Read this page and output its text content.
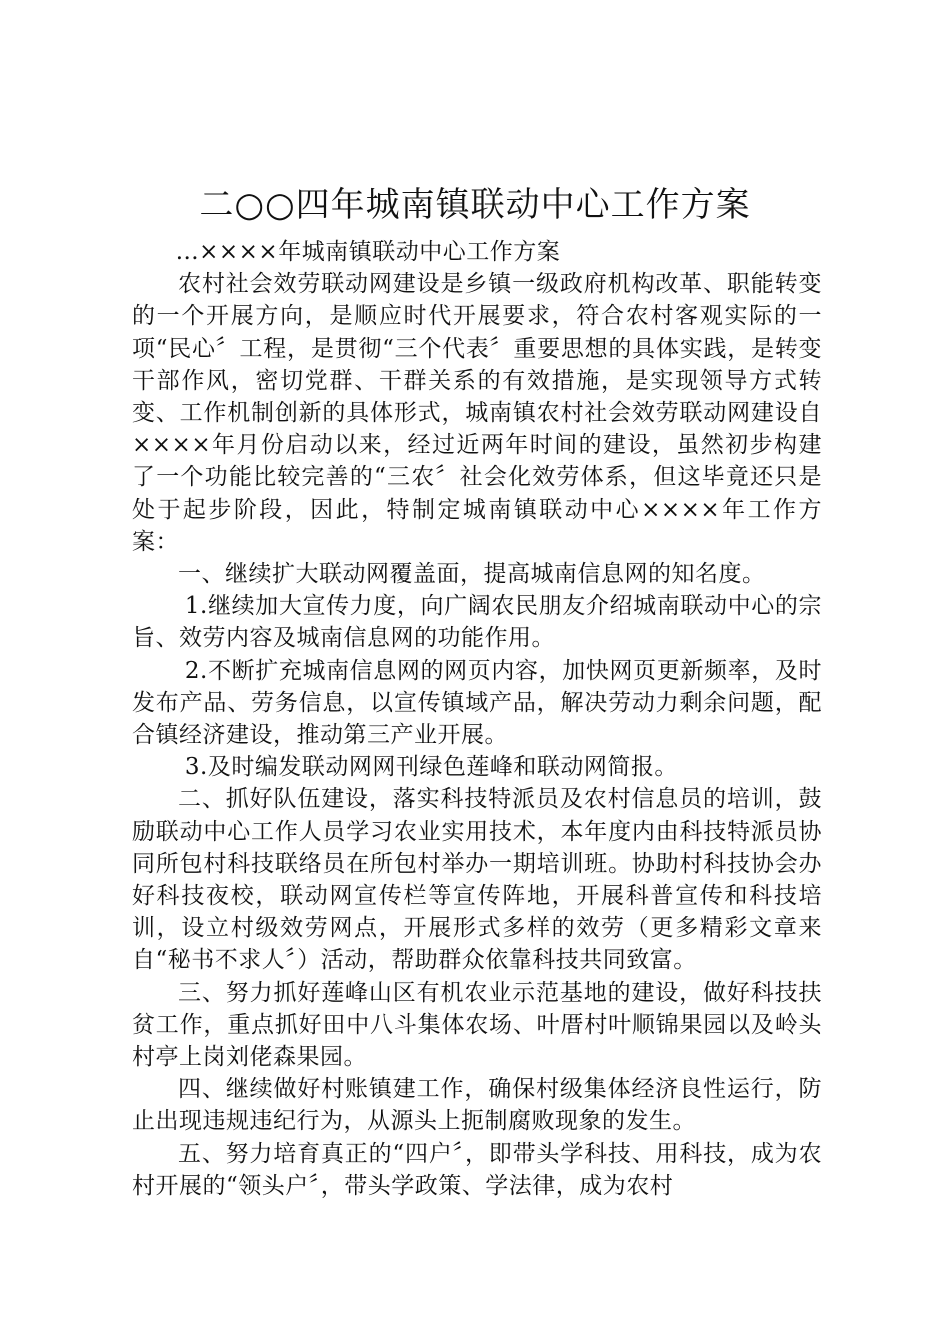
二○○四年城南镇联动中心工作方案

...××××年城南镇联动中心工作方案

农村社会效劳联动网建设是乡镇一级政府机构改革、职能转变的一个开展方向，是顺应时代开展要求，符合农村客观实际的一项“民心〞工程，是贯彻“三个代表〞重要思想的具体实践，是转变干部作风，密切党群、干群关系的有效措施，是实现领导方式转变、工作机制创新的具体形式，城南镇农村社会效劳联动网建设自××××年月份启动以来，经过近两年时间的建设，虽然初步构建了一个功能比较完善的“三农〞社会化效劳体系，但这毕竟还只是处于起步阶段，因此，特制定城南镇联动中心××××年工作方案：

一、继续扩大联动网覆盖面，提高城南信息网的知名度。

1.继续加大宣传力度，向广阔农民朋友介绍城南联动中心的宗旨、效劳内容及城南信息网的功能作用。

2.不断扩充城南信息网的网页内容，加快网页更新频率，及时发布产品、劳务信息，以宣传镇域产品，解决劳动力剩余问题，配合镇经济建设，推动第三产业开展。

3.及时编发联动网网刊绿色莲峰和联动网简报。

二、抓好队伍建设，落实科技特派员及农村信息员的培训，鼓励联动中心工作人员学习农业实用技术，本年度内由科技特派员协同所包村科技联络员在所包村举办一期培训班。协助村科技协会办好科技夜校，联动网宣传栏等宣传阵地，开展科普宣传和科技培训，设立村级效劳网点，开展形式多样的效劳（更多精彩文章来自“秘书不求人〞）活动，帮助群众依靠科技共同致富。

三、努力抓好莲峰山区有机农业示范基地的建设，做好科技扶贫工作，重点抓好田中八斗集体农场、叶厝村叶顺锦果园以及岭头村亭上岗刘佬森果园。

四、继续做好村账镇建工作，确保村级集体经济良性运行，防止出现违规违纪行为，从源头上扼制腐败现象的发生。

五、努力培育真正的“四户〞，即带头学科技、用科技，成为农村开展的“领头户〞，带头学政策、学法律，成为农村
